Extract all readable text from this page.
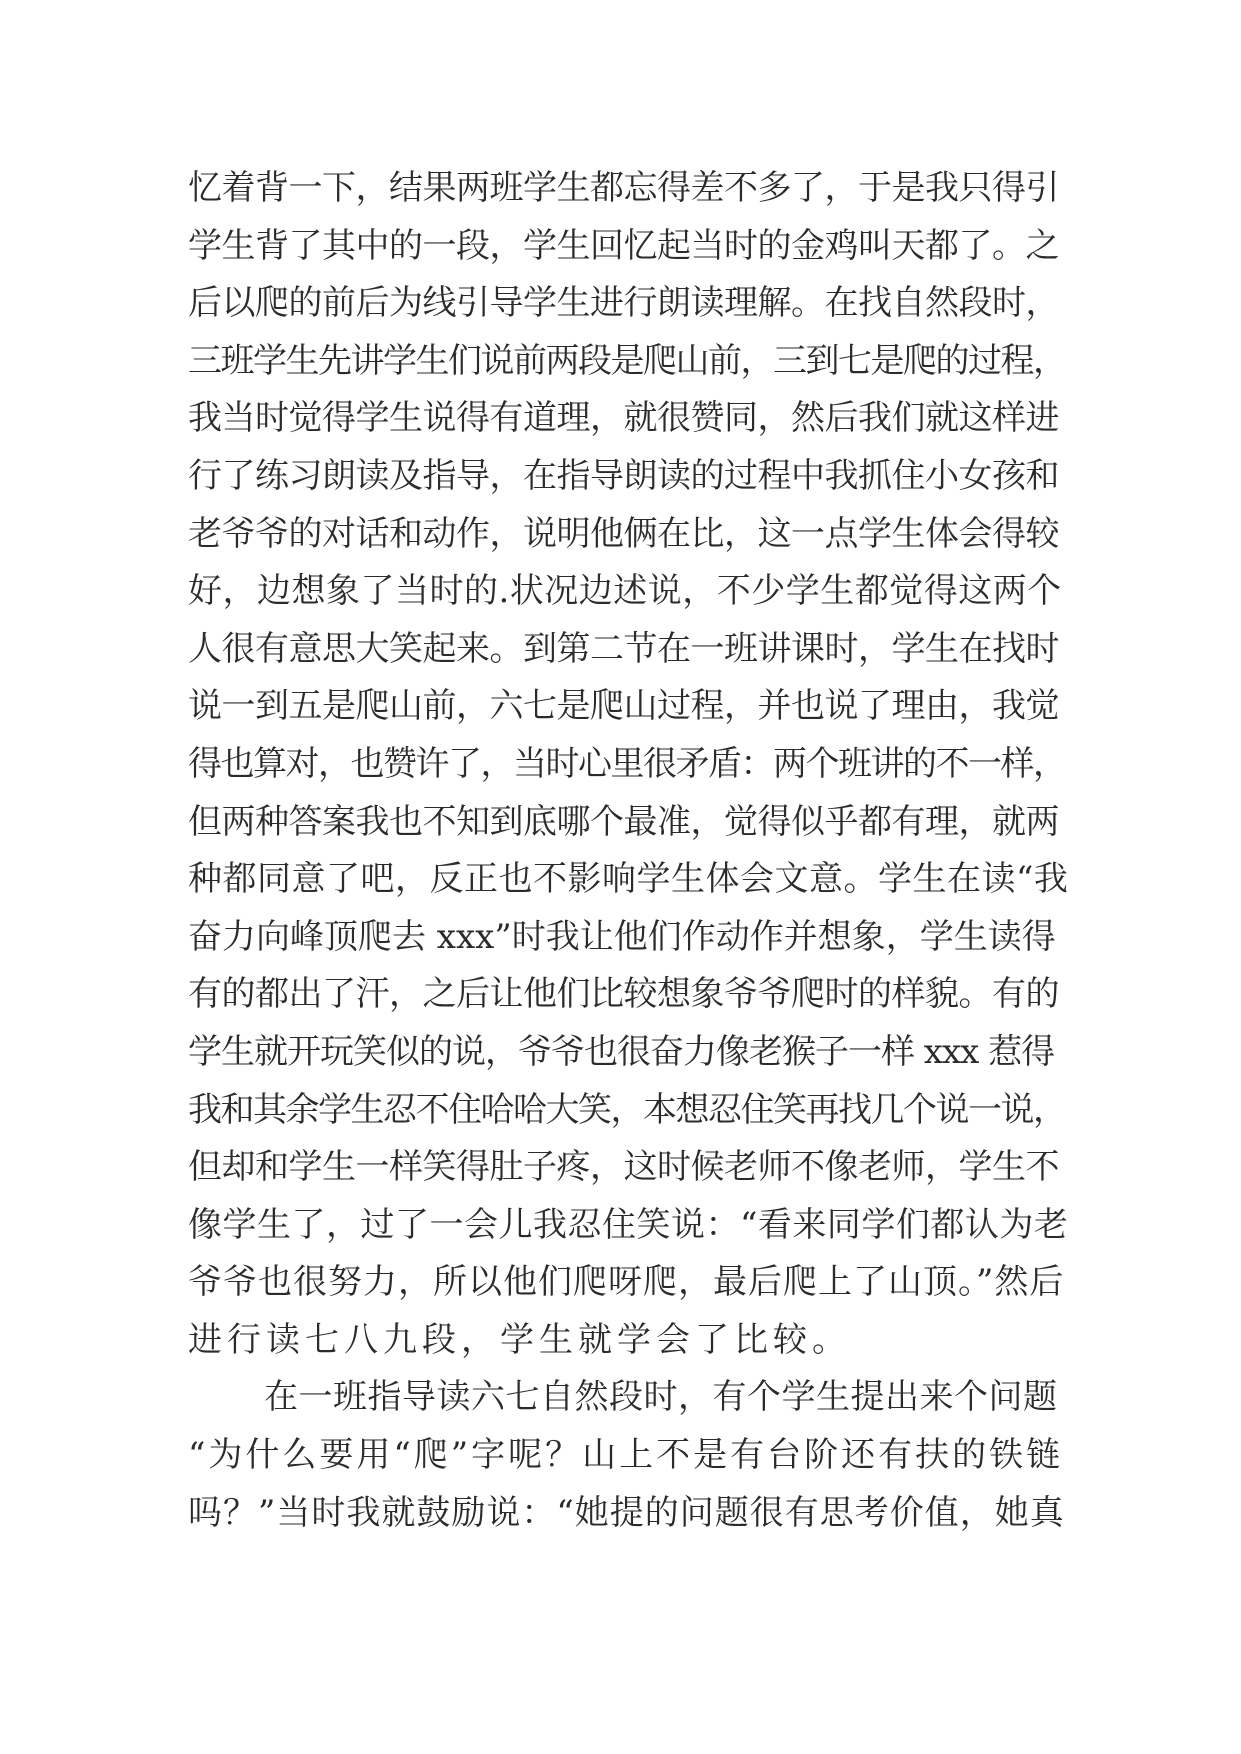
忆着背一下，结果两班学生都忘得差不多了，于是我只得引
学生背了其中的一段，学生回忆起当时的金鸡叫天都了。之
后以爬的前后为线引导学生进行朗读理解。在找自然段时，
三班学生先讲学生们说前两段是爬山前，三到七是爬的过程，
我当时觉得学生说得有道理，就很赞同，然后我们就这样进
行了练习朗读及指导，在指导朗读的过程中我抓住小女孩和
老爷爷的对话和动作，说明他俩在比，这一点学生体会得较
好，边想象了当时的.状况边述说，不少学生都觉得这两个
人很有意思大笑起来。到第二节在一班讲课时，学生在找时
说一到五是爬山前，六七是爬山过程，并也说了理由，我觉
得也算对，也赞许了，当时心里很矛盾：两个班讲的不一样，
但两种答案我也不知到底哪个最准，觉得似乎都有理，就两
种都同意了吧，反正也不影响学生体会文意。学生在读“我
奋力向峰顶爬去 xxx”时我让他们作动作并想象，学生读得
有的都出了汗，之后让他们比较想象爷爷爬时的样貌。有的
学生就开玩笑似的说，爷爷也很奋力像老猴子一样 xxx 惹得
我和其余学生忍不住哈哈大笑，本想忍住笑再找几个说一说，
但却和学生一样笑得肚子疼，这时候老师不像老师，学生不
像学生了，过了一会儿我忍住笑说：“看来同学们都认为老
爷爷也很努力，所以他们爬呀爬，最后爬上了山顶。”然后
进行读七八九段，学生就学会了比较。
在一班指导读六七自然段时，有个学生提出来个问题
“为什么要用“爬”字呢？山上不是有台阶还有扶的铁链
吗？”当时我就鼓励说：“她提的问题很有思考价值，她真
